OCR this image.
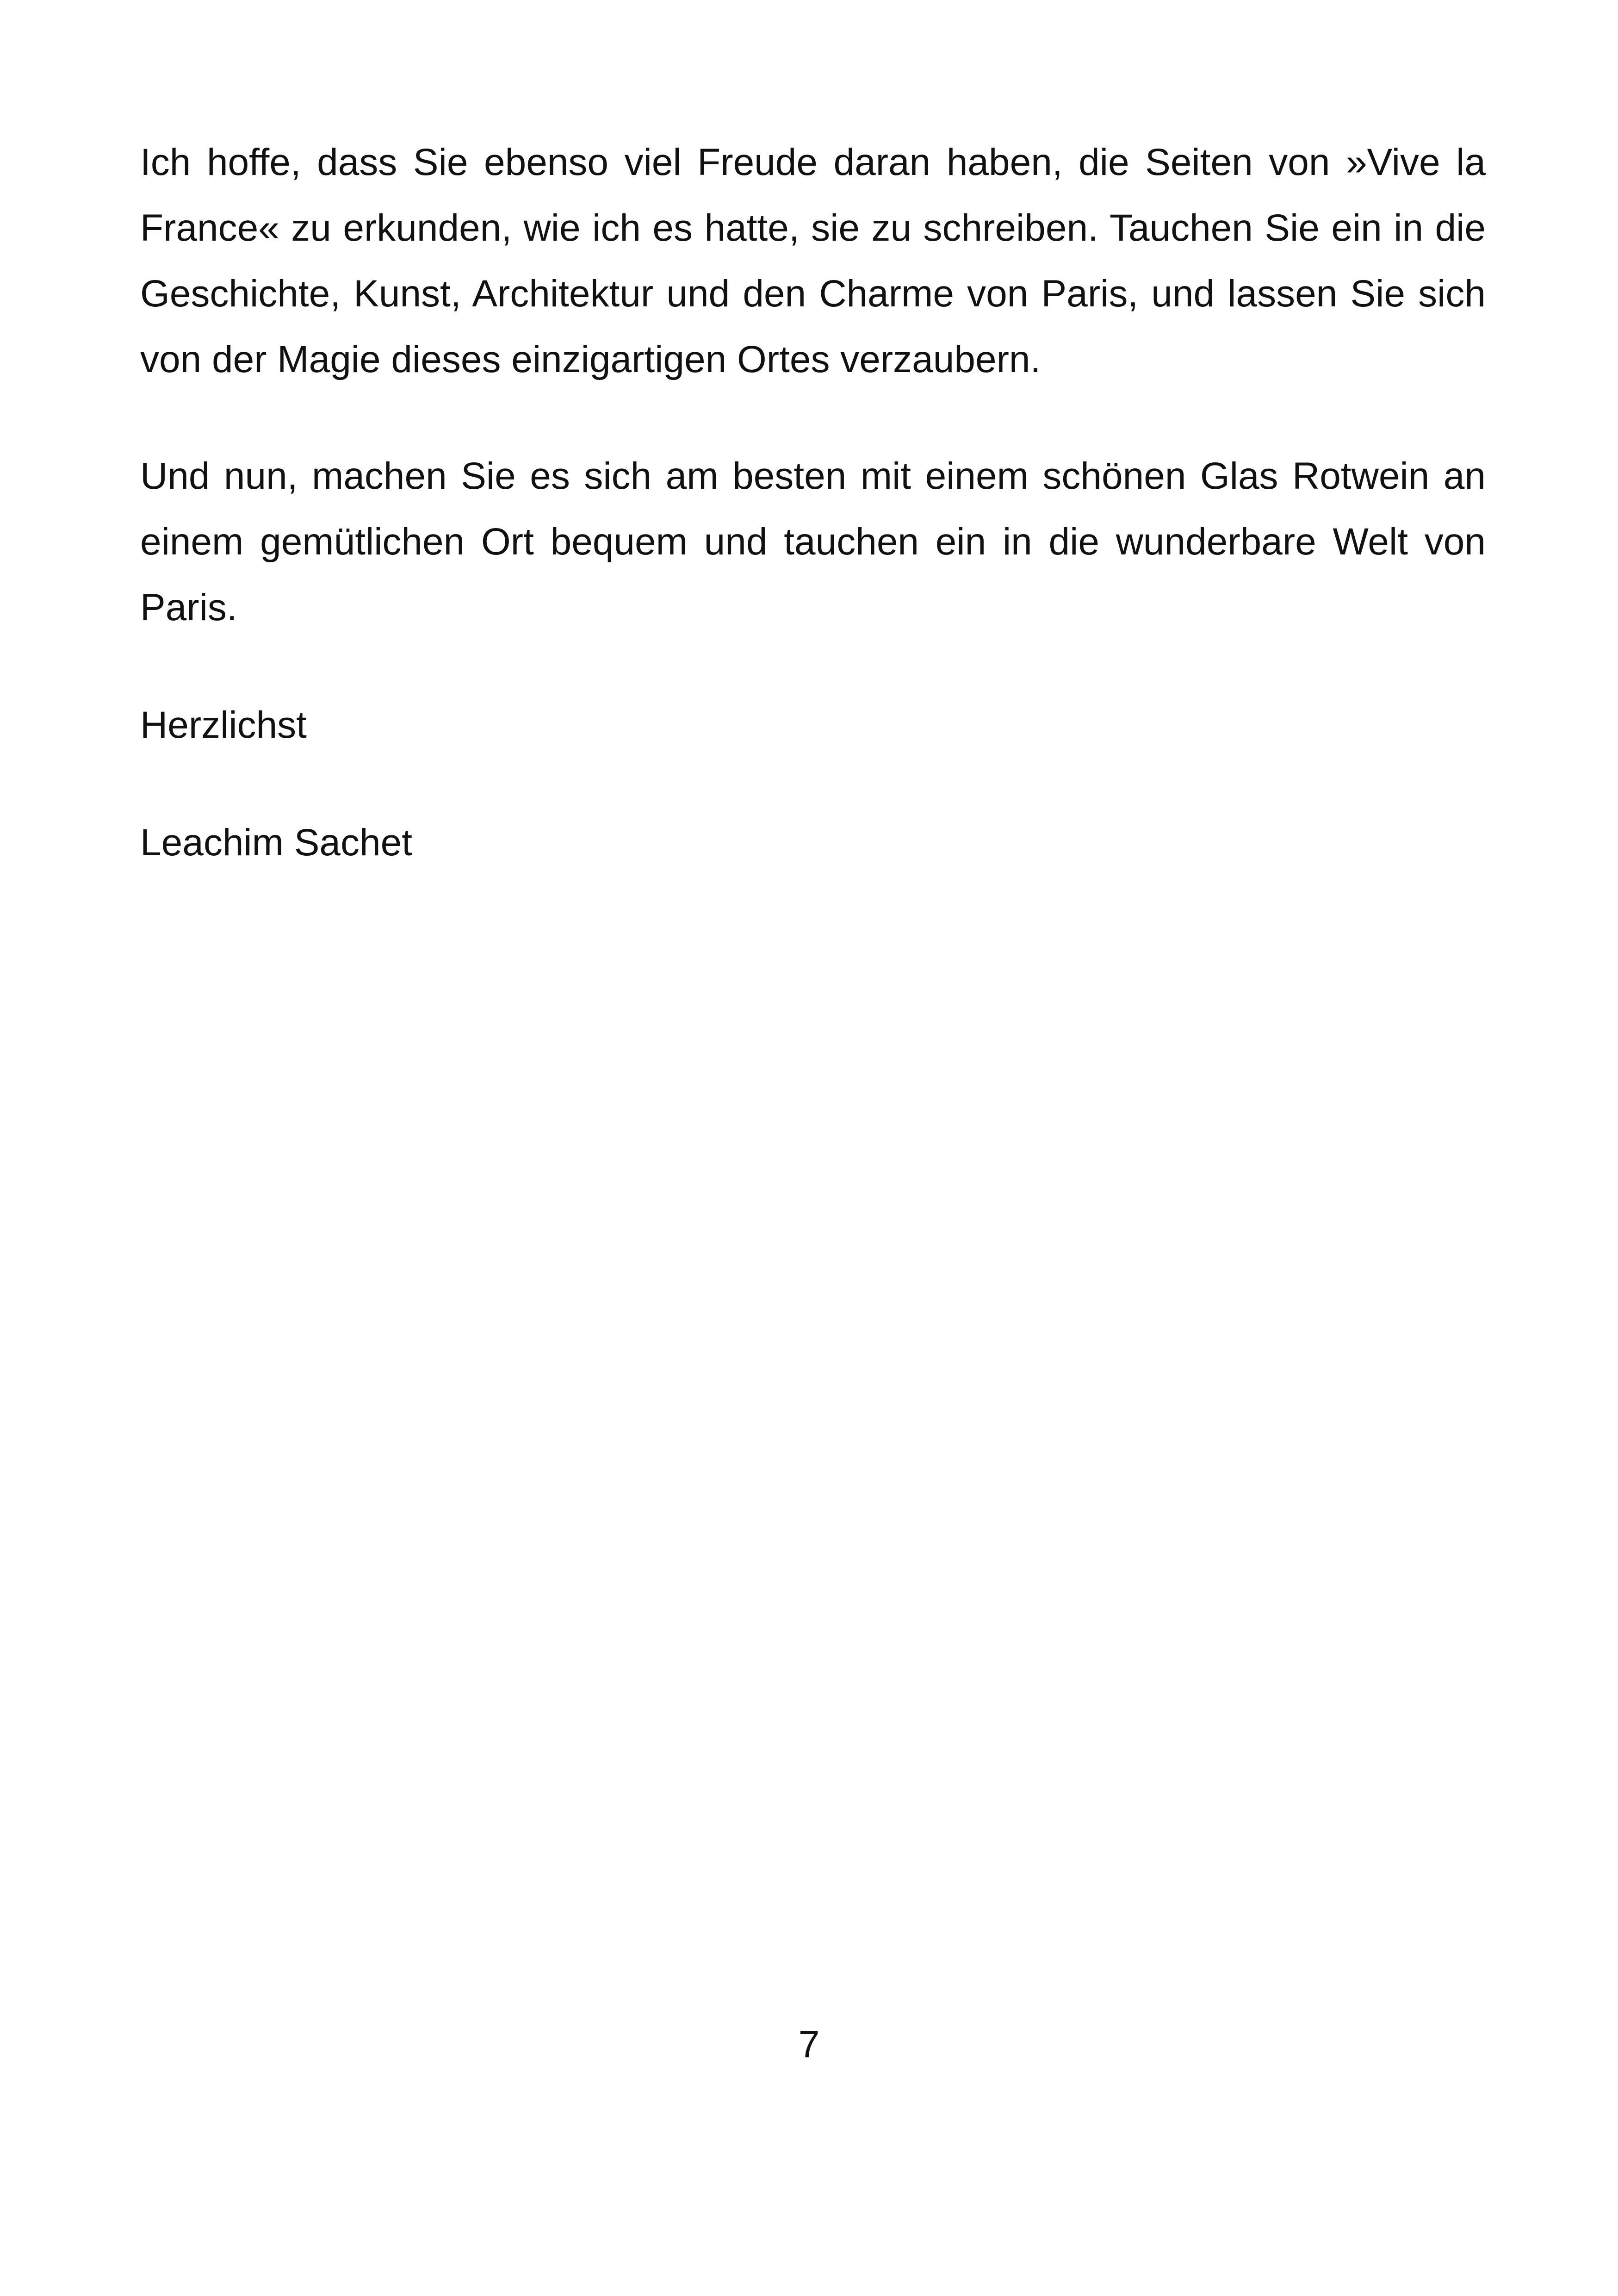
Ich hoffe, dass Sie ebenso viel Freude daran haben, die Seiten von »Vive la France« zu erkunden, wie ich es hatte, sie zu schreiben. Tauchen Sie ein in die Geschichte, Kunst, Architektur und den Charme von Paris, und lassen Sie sich von der Magie dieses einzigartigen Ortes verzaubern.

Und nun, machen Sie es sich am besten mit einem schönen Glas Rotwein an einem gemütlichen Ort bequem und tauchen ein in die wunderbare Welt von Paris.

Herzlichst

Leachim Sachet

7
